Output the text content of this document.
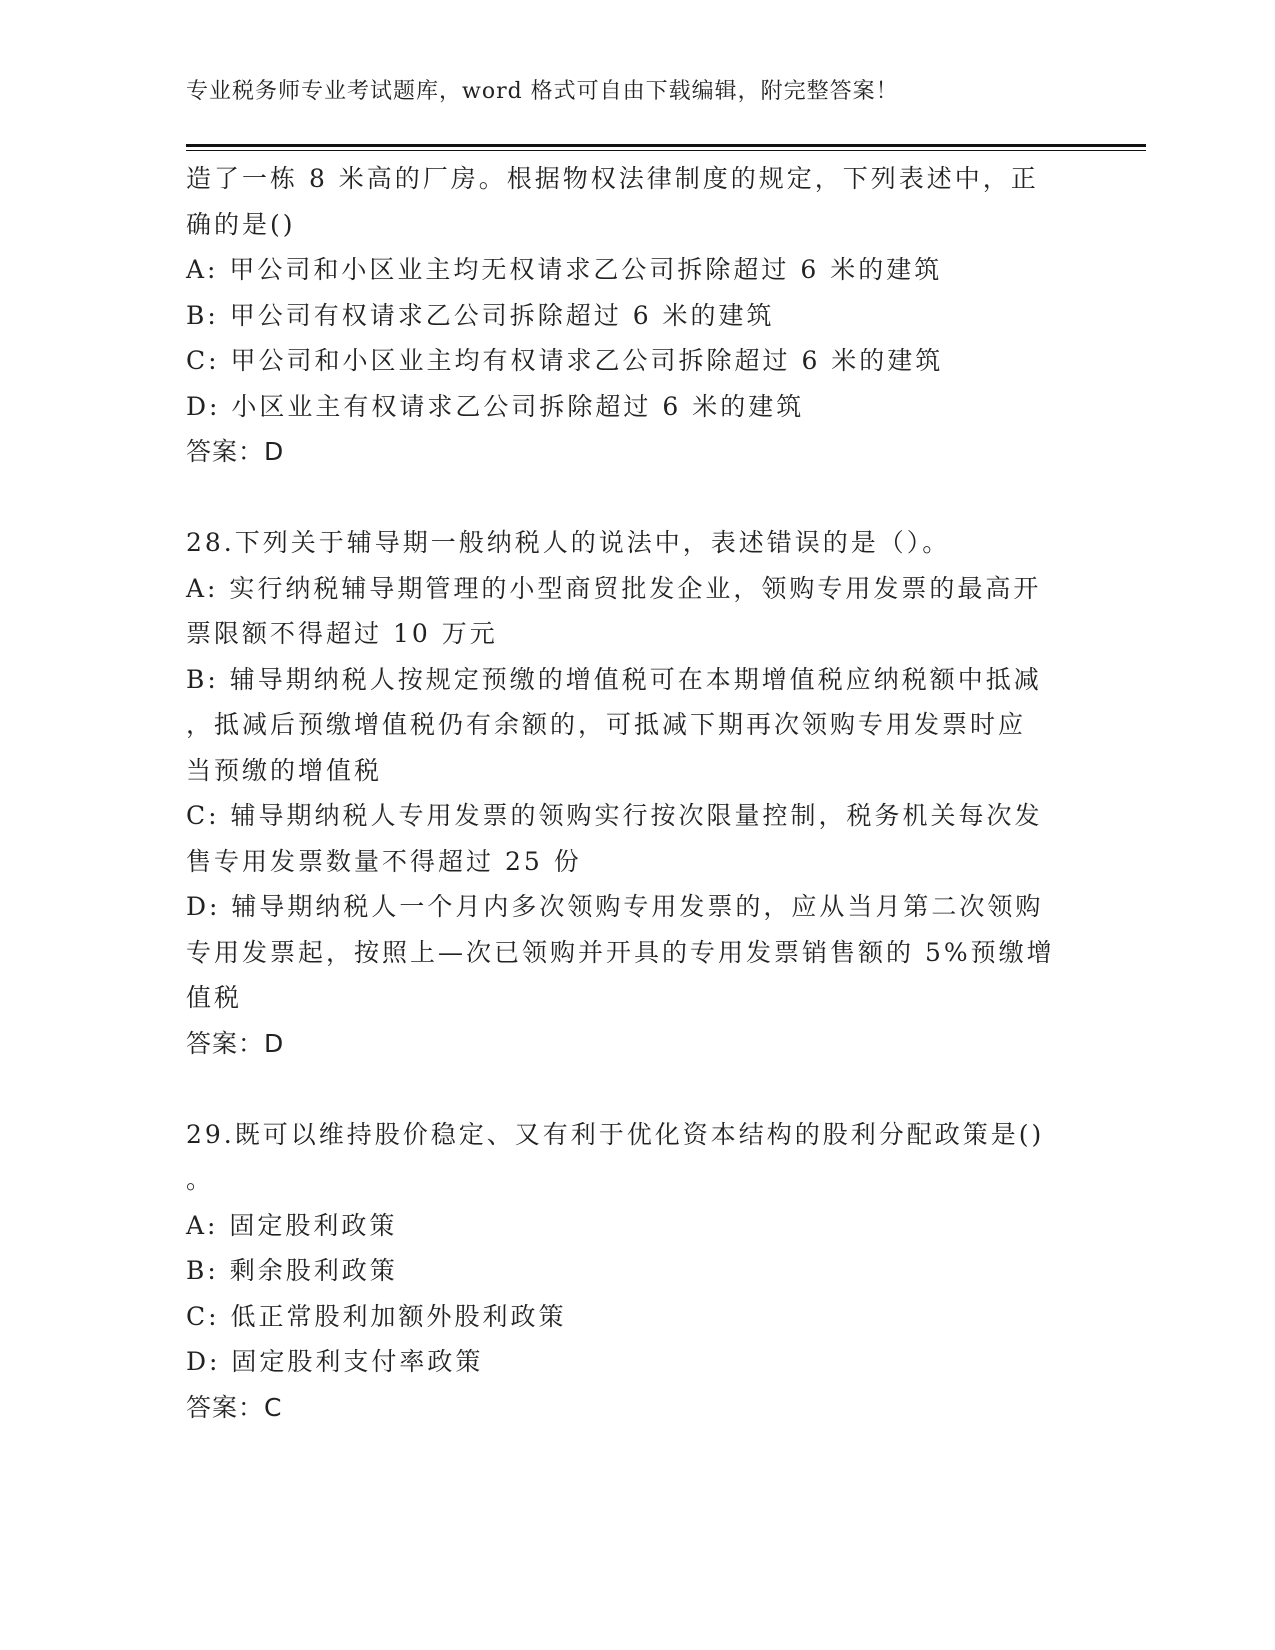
专业税务师专业考试题库，word 格式可自由下载编辑，附完整答案！
造了一栋 8 米高的厂房。根据物权法律制度的规定，下列表述中，正
确的是()
A: 甲公司和小区业主均无权请求乙公司拆除超过 6 米的建筑
B: 甲公司有权请求乙公司拆除超过 6 米的建筑
C: 甲公司和小区业主均有权请求乙公司拆除超过 6 米的建筑
D: 小区业主有权请求乙公司拆除超过 6 米的建筑
答案：D
28.下列关于辅导期一般纳税人的说法中，表述错误的是（）。
A: 实行纳税辅导期管理的小型商贸批发企业，领购专用发票的最高开
票限额不得超过 10 万元
B: 辅导期纳税人按规定预缴的增值税可在本期增值税应纳税额中抵减
，抵减后预缴增值税仍有余额的，可抵减下期再次领购专用发票时应
当预缴的增值税
C: 辅导期纳税人专用发票的领购实行按次限量控制，税务机关每次发
售专用发票数量不得超过 25 份
D: 辅导期纳税人一个月内多次领购专用发票的，应从当月第二次领购
专用发票起，按照上—次已领购并开具的专用发票销售额的 5%预缴增
值税
答案：D
29.既可以维持股价稳定、又有利于优化资本结构的股利分配政策是()
。
A: 固定股利政策
B: 剩余股利政策
C: 低正常股利加额外股利政策
D: 固定股利支付率政策
答案：C
